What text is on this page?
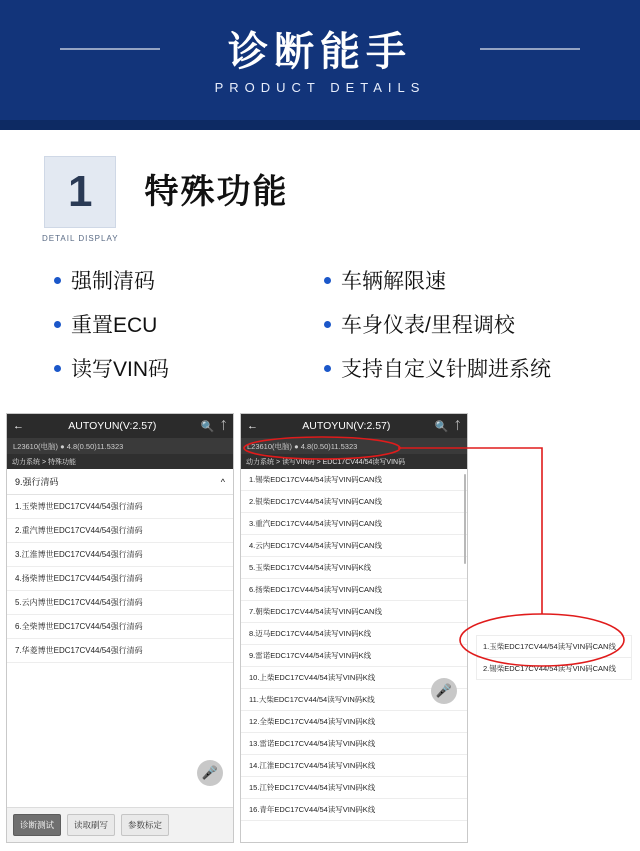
诊断能手
PRODUCT DETAILS
1
DETAIL DISPLAY
特殊功能
强制清码
重置ECU
读写VIN码
车辆解限速
车身仪表/里程调校
支持自定义针脚进系统
←	AUTOYUN(V:2.57)	🔍 ᛏ
L23610(电脑) ● 4.8(0.50)11.5323
动力系统 > 特殊功能
9.强行清码	^
1.玉柴博世EDC17CV44/54强行清码
2.重汽博世EDC17CV44/54强行清码
3.江淮博世EDC17CV44/54强行清码
4.扬柴博世EDC17CV44/54强行清码
5.云内博世EDC17CV44/54强行清码
6.全柴博世EDC17CV44/54强行清码
7.华菱博世EDC17CV44/54强行清码
🎤
诊断测试	读取刷写	参数标定
←	AUTOYUN(V:2.57)	🔍 ᛏ
L23610(电脑) ● 4.8(0.50)11.5323
动力系统 > 读写VIN码 > EDC17CV44/54读写VIN码
1.锡柴EDC17CV44/54读写VIN码CAN线
2.银柴EDC17CV44/54读写VIN码CAN线
3.重汽EDC17CV44/54读写VIN码CAN线
4.云内EDC17CV44/54读写VIN码CAN线
5.玉柴EDC17CV44/54读写VIN码K线
6.扬柴EDC17CV44/54读写VIN码CAN线
7.朝柴EDC17CV44/54读写VIN码CAN线
8.迈马EDC17CV44/54读写VIN码K线
9.雷诺EDC17CV44/54读写VIN码K线
10.上柴EDC17CV44/54读写VIN码K线
11.大柴EDC17CV44/54读写VIN码K线
12.全柴EDC17CV44/54读写VIN码K线
13.雷诺EDC17CV44/54读写VIN码K线
14.江淮EDC17CV44/54读写VIN码K线
15.江铃EDC17CV44/54读写VIN码K线
16.青年EDC17CV44/54读写VIN码K线
🎤
1.玉柴EDC17CV44/54读写VIN码CAN线
2.锡柴EDC17CV44/54读写VIN码CAN线
